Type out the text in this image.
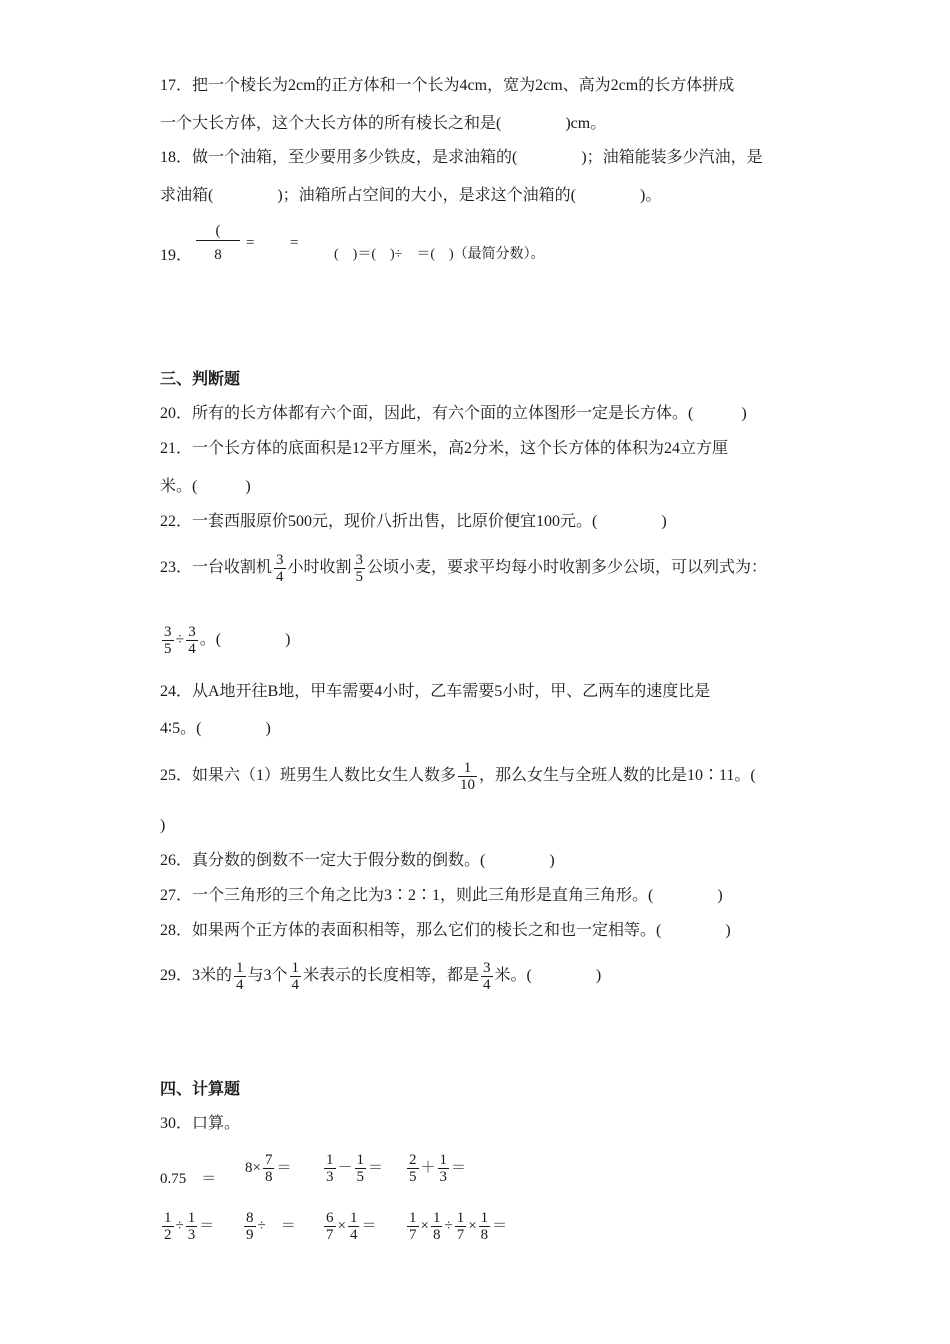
17．把一个棱长为2cm的正方体和一个长为4cm，宽为2cm、高为2cm的长方体拼成
一个大长方体，这个大长方体的所有棱长之和是(　　　　)cm。
18．做一个油箱，至少要用多少铁皮，是求油箱的(　　　　)；油箱能装多少汽油，是
求油箱(　　　　)；油箱所占空间的大小，是求这个油箱的(　　　　)。
19．
(
8
= =
(　)＝(　)÷　＝(　)（最简分数）。
三、判断题
20．所有的长方体都有六个面，因此，有六个面的立体图形一定是长方体。(　　　)
21．一个长方体的底面积是12平方厘米，高2分米，这个长方体的体积为24立方厘
米。(　　　)
22．一套西服原价500元，现价八折出售，比原价便宜100元。(　　　　)
23．一台收割机 $\frac{3}{4}$ 小时收割 $\frac{3}{5}$ 公顷小麦，要求平均每小时收割多少公顷，可以列式为：
$\frac{3}{5} \div \frac{3}{4}$ 。(　　　　)
24．从A地开往B地，甲车需要4小时，乙车需要5小时，甲、乙两车的速度比是
4∶5。(　　　　)
25．如果六（1）班男生人数比女生人数多 $\frac{1}{10}$ ，那么女生与全班人数的比是10∶11。(
)
26．真分数的倒数不一定大于假分数的倒数。(　　　　)
27．一个三角形的三个角之比为3∶2∶1，则此三角形是直角三角形。(　　　　)
28．如果两个正方体的表面积相等，那么它们的棱长之和也一定相等。(　　　　)
29．3米的 $\frac{1}{4}$ 与3个 $\frac{1}{4}$ 米表示的长度相等，都是 $\frac{3}{4}$ 米。(　　　　)
四、计算题
30．口算。
0.75　＝
$8\times \frac{7}{8} = \frac{1}{3} - \frac{1}{5} = \frac{2}{5} + \frac{1}{3}$ ＝
$\frac{1}{2} \div \frac{1}{3} = \frac{8}{9}$ ÷　＝ $\frac{6}{7} \times \frac{1}{4} = \frac{1}{7} \times \frac{1}{8} \div \frac{1}{7} \times \frac{1}{8}$ ＝
